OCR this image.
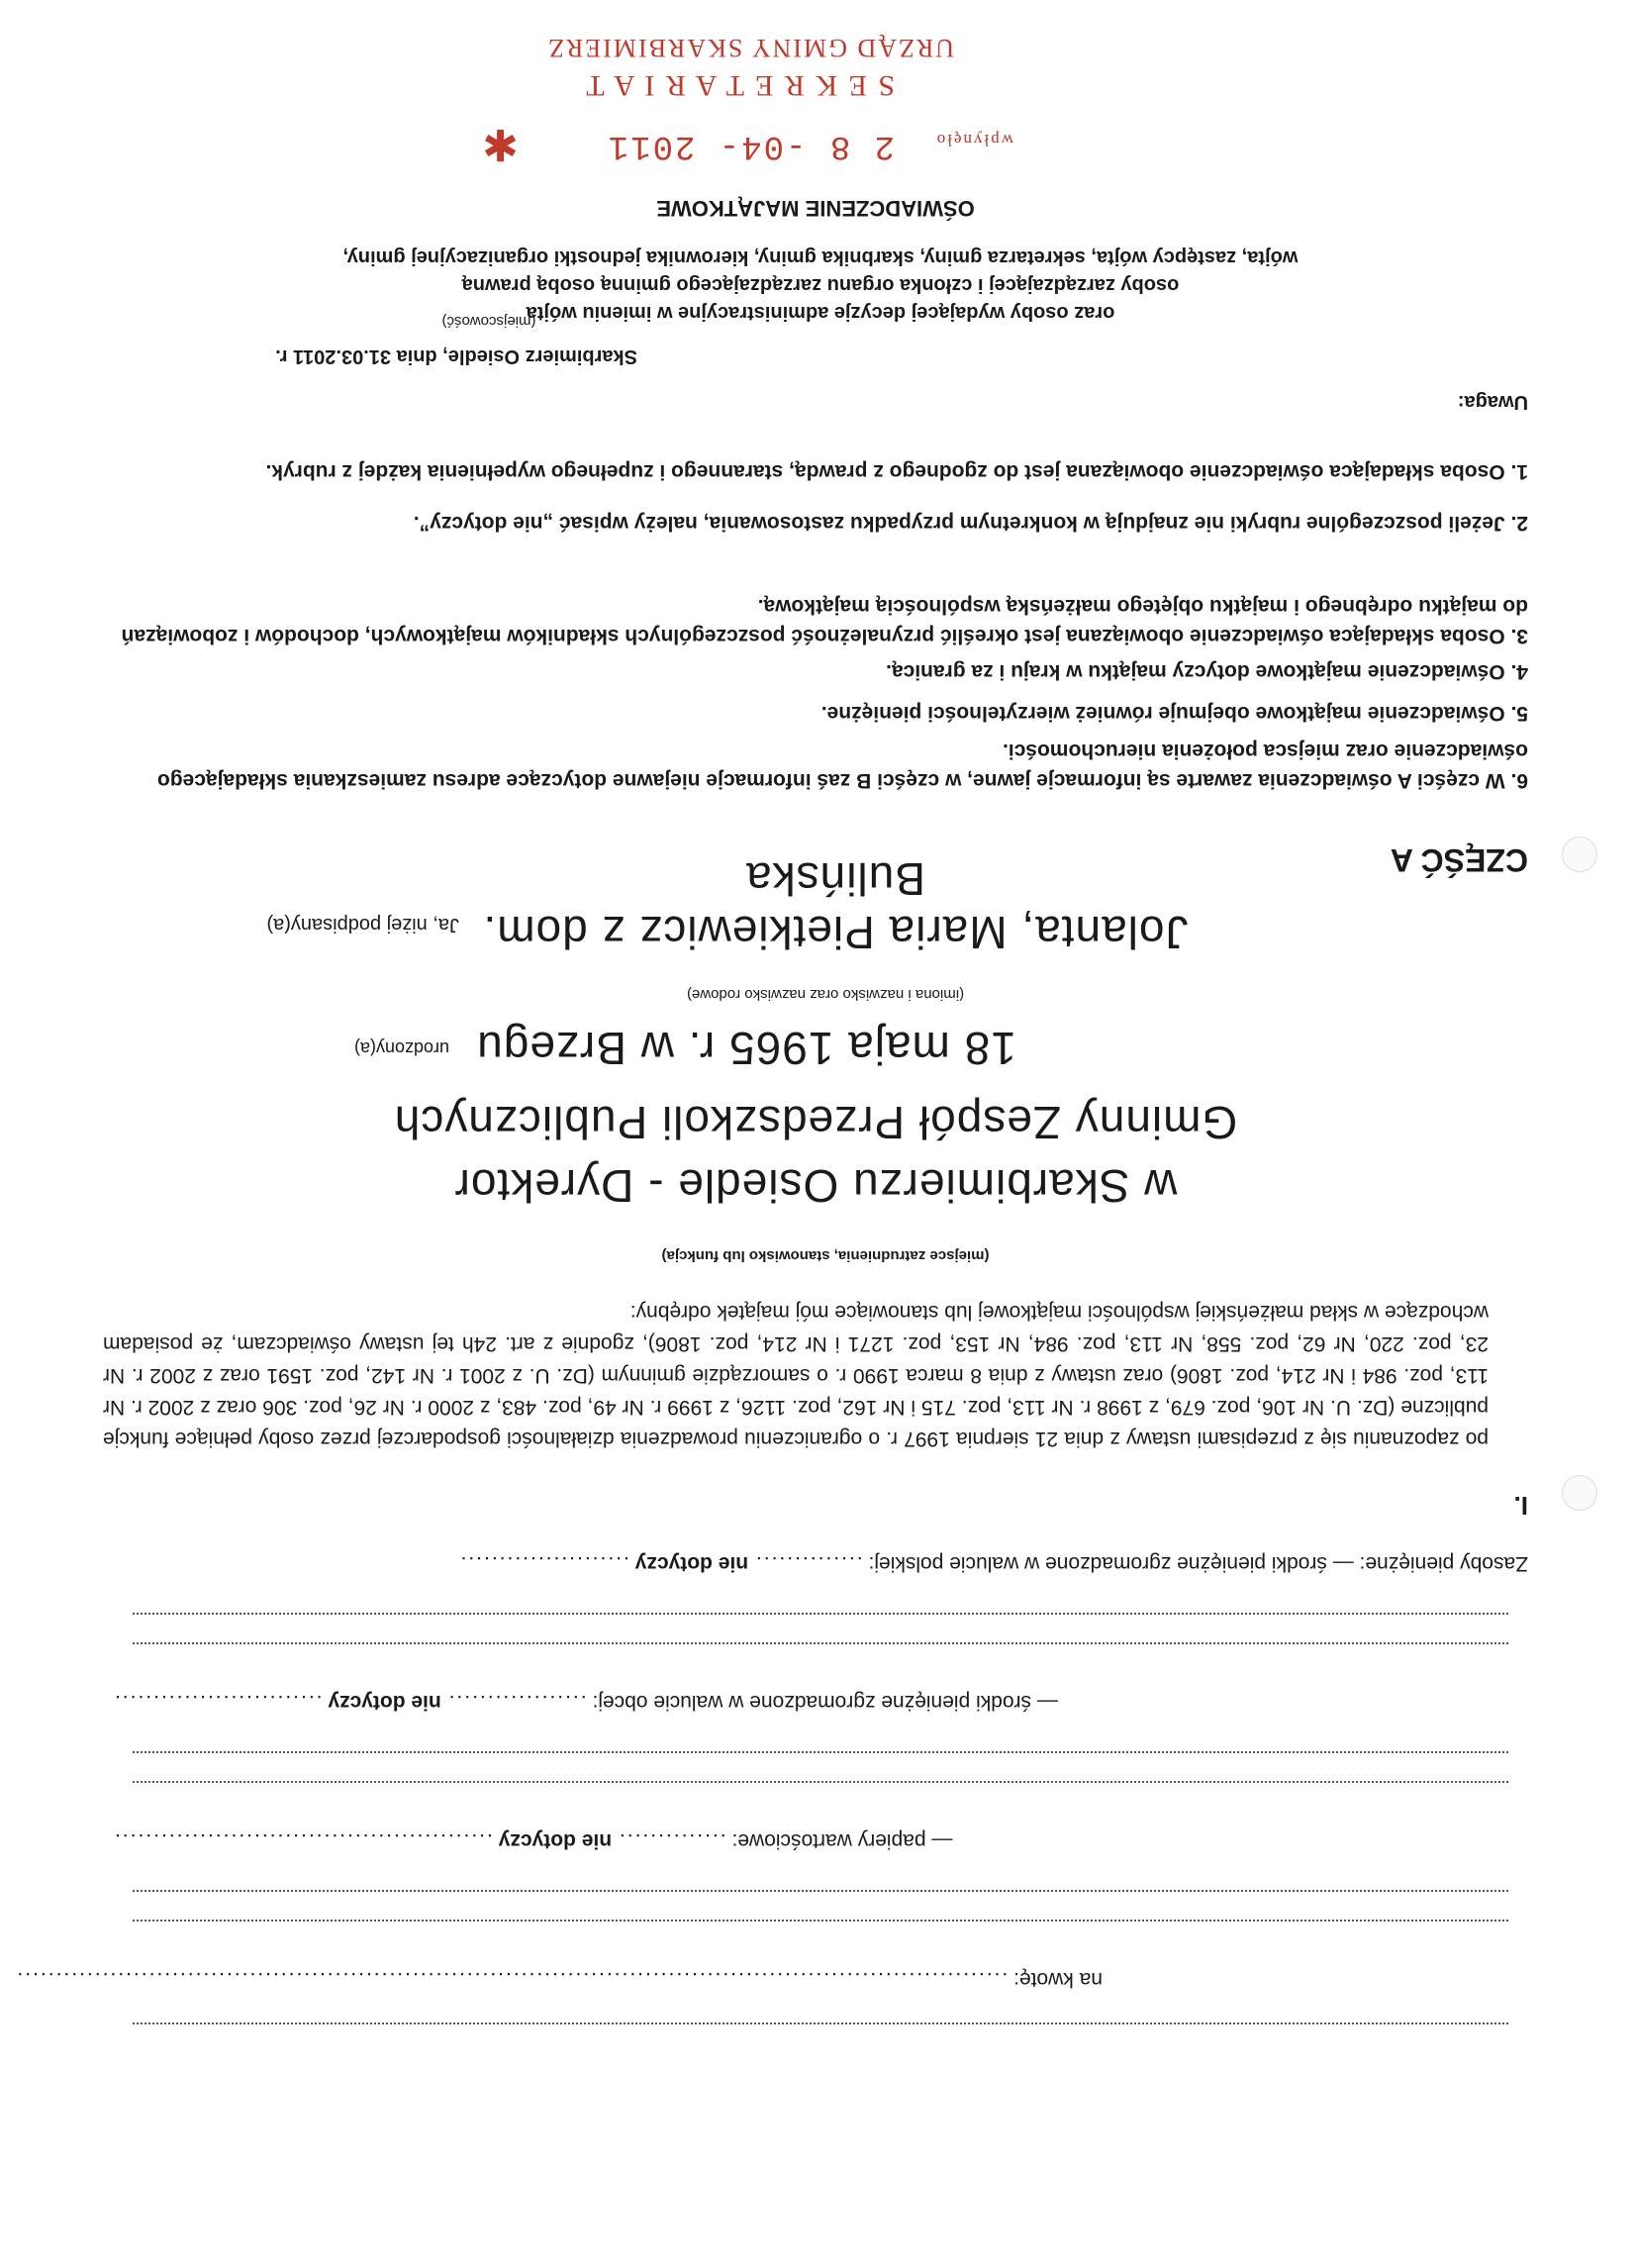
URZĄD GMINY SKARBIMIERZ
S E K R E T A R I A T
wpłynęło
2 8 -04- 2011
✱
OŚWIADCZENIE MAJĄTKOWE
wójta, zastępcy wójta, sekretarza gminy, skarbnika gminy, kierownika jednostki organizacyjnej gminy,
osoby zarządzającej i członka organu zarządzającego gminną osobą prawną
oraz osoby wydającej decyzje administracyjne w imieniu wójta
Skarbimierz Osiedle, dnia 31.03.2011 r.
(miejscowość)
Uwaga:
1. Osoba składająca oświadczenie obowiązana jest do zgodnego z prawdą, starannego i zupełnego wypełnienia każdej z rubryk.
2. Jeżeli poszczególne rubryki nie znajdują w konkretnym przypadku zastosowania, należy wpisać „nie dotyczy”.
3. Osoba składająca oświadczenie obowiązana jest określić przynależność poszczególnych składników majątkowych, dochodów i zobowiązań do majątku odrębnego i majątku objętego małżeńską wspólnością majątkową.
4. Oświadczenie majątkowe dotyczy majątku w kraju i za granicą.
5. Oświadczenie majątkowe obejmuje również wierzytelności pieniężne.
6. W części A oświadczenia zawarte są informacje jawne, w części B zaś informacje niejawne dotyczące adresu zamieszkania składającego oświadczenie oraz miejsca położenia nieruchomości.
CZĘŚĆ A
Ja, niżej podpisany(a) Jolanta, Maria Pietkiewicz z dom. Bulińska
(imiona i nazwisko oraz nazwisko rodowe)
urodzony(a) 18 maja 1965 r. w Brzegu
Gminny Zespół Przedszkoli Publicznych
w Skarbimierzu Osiedle - Dyrektor
(miejsce zatrudnienia, stanowisko lub funkcja)
po zapoznaniu się z przepisami ustawy z dnia 21 sierpnia 1997 r. o ograniczeniu prowadzenia działalności gospodarczej przez osoby pełniące funkcje publiczne (Dz. U. Nr 106, poz. 679, z 1998 r. Nr 113, poz. 715 i Nr 162, poz. 1126, z 1999 r. Nr 49, poz. 483, z 2000 r. Nr 26, poz. 306 oraz z 2002 r. Nr 113, poz. 984 i Nr 214, poz. 1806) oraz ustawy z dnia 8 marca 1990 r. o samorządzie gminnym (Dz. U. z 2001 r. Nr 142, poz. 1591 oraz z 2002 r. Nr 23, poz. 220, Nr 62, poz. 558, Nr 113, poz. 984, Nr 153, poz. 1271 i Nr 214, poz. 1806), zgodnie z art. 24h tej ustawy oświadczam, że posiadam wchodzące w skład małżeńskiej wspólności majątkowej lub stanowiące mój majątek odrębny:
I.
Zasoby pieniężne: — środki pieniężne zgromadzone w walucie polskiej: .............. nie dotyczy ......................
— środki pieniężne zgromadzone w walucie obcej: .................. nie dotyczy ...........................
— papiery wartościowe: .............. nie dotyczy .................................................
na kwotę: ................................................................................................................................
